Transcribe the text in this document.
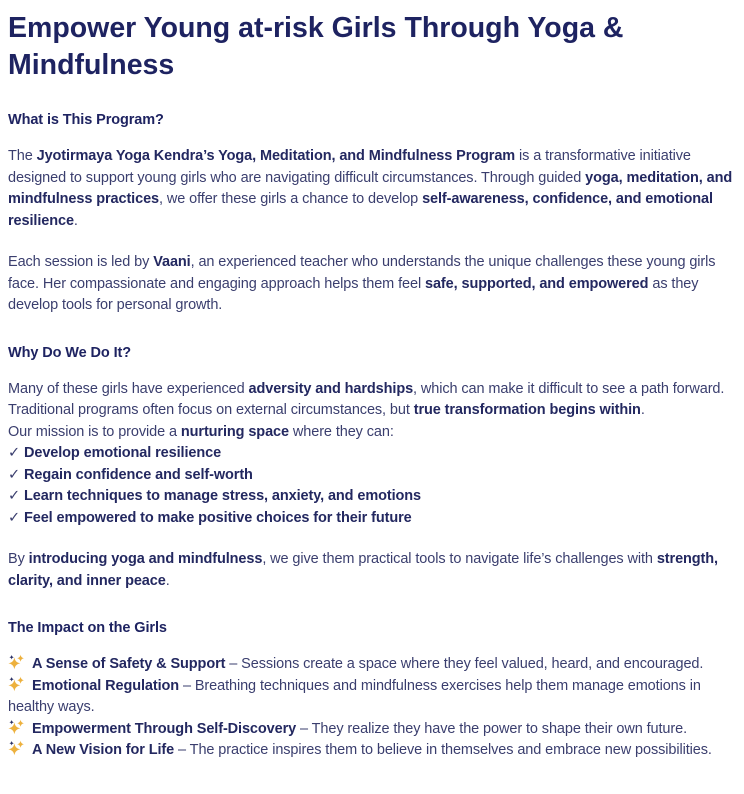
Empower Young at-risk Girls Through Yoga & Mindfulness
What is This Program?

The Jyotirmaya Yoga Kendra’s Yoga, Meditation, and Mindfulness Program is a transformative initiative designed to support young girls who are navigating difficult circumstances. Through guided yoga, meditation, and mindfulness practices, we offer these girls a chance to develop self-awareness, confidence, and emotional resilience.

Each session is led by Vaani, an experienced teacher who understands the unique challenges these young girls face. Her compassionate and engaging approach helps them feel safe, supported, and empowered as they develop tools for personal growth.

Why Do We Do It?

Many of these girls have experienced adversity and hardships, which can make it difficult to see a path forward. Traditional programs often focus on external circumstances, but true transformation begins within.
Our mission is to provide a nurturing space where they can:
✓ Develop emotional resilience
✓ Regain confidence and self-worth
✓ Learn techniques to manage stress, anxiety, and emotions
✓ Feel empowered to make positive choices for their future

By introducing yoga and mindfulness, we give them practical tools to navigate life’s challenges with strength, clarity, and inner peace.

The Impact on the Girls

A Sense of Safety & Support – Sessions create a space where they feel valued, heard, and encouraged.
Emotional Regulation – Breathing techniques and mindfulness exercises help them manage emotions in healthy ways.
Empowerment Through Self-Discovery – They realize they have the power to shape their own future.
A New Vision for Life – The practice inspires them to believe in themselves and embrace new possibilities.
